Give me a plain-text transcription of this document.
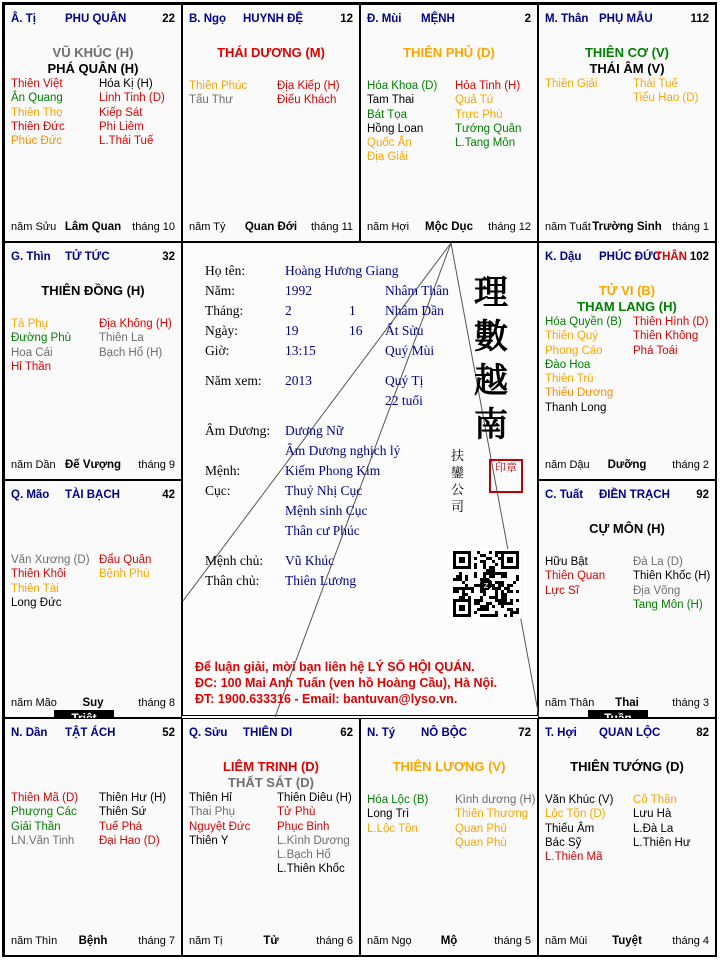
Â. Tị	PHU QUÂN	22
VŨ KHÚC (H)
PHÁ QUÂN (H)
Thiên Việt
Ân Quang
Thiên Thọ
Thiên Đức
Phúc Đức
Hóa Kị (H)
Linh Tinh (D)
Kiếp Sát
Phi Liêm
L.Thái Tuế
năm Sửu Lâm Quan tháng 10
B. Ngọ HUYNH ĐỆ	12
THÁI DƯƠNG (M)
Thiên Phúc
Tấu Thư
Địa Kiếp (H)
Điếu Khách
năm Tý Quan Đới tháng 11
Đ. Mùi MỆNH	2
THIÊN PHỦ (D)
Hóa Khoa (D)
Tam Thai
Bát Tọa
Hồng Loan
Quốc Ấn
Địa Giải
Hỏa Tinh (H)
Quả Tú
Trực Phù
Tướng Quân
L.Tang Môn
năm Hợi Mộc Dục tháng 12
M. Thân PHỤ MẪU	112
THIÊN CƠ (V)
THÁI ÂM (V)
Thiên Giải	Thái Tuế
Tiểu Hao (D)
năm Tuất Trường Sinh tháng 1
G. Thìn TỬ TỨC	32
THIÊN ĐỒNG (H)
Tả Phụ
Đường Phù
Hoa Cái
Hỉ Thần
Địa Không (H)
Thiên La
Bạch Hổ (H)
năm Dần Đế Vượng tháng 9
K. Dậu PHÚC ĐỨC
THÂN 102
TỬ VI (B)
THAM LANG (H)
Hóa Quyền (B)
Thiên Quý
Phong Cáo
Đào Hoa
Thiên Trù
Thiếu Dương
Thanh Long
Thiên Hình (D)
Thiên Không
Phá Toái
năm Dậu Dưỡng tháng 2
Q. Mão TÀI BẠCH	42
Văn Xương (D)
Thiên Khôi
Thiên Tài
Long Đức
Đẩu Quân
Bệnh Phù
năm Mão Suy	tháng 8
C. Tuất ĐIỀN TRẠCH 92
CỰ MÔN (H)
Hữu Bật
Thiên Quan
Lực Sĩ
Đà La (D)
Thiên Khốc (H)
Địa Võng
Tang Môn (H)
năm Thân Thai	tháng 3
N. Dần TẬT ÁCH	52
Thiên Mã (D)
Phượng Các
Giải Thần
LN.Văn Tinh
Thiên Hư (H)
Thiên Sứ
Tuế Phá
Đại Hao (D)
năm Thìn Bệnh	tháng 7
Q. Sửu THIÊN DI	62
LIÊM TRINH (D)
THẤT SÁT (D)
Thiên Hỉ
Thai Phụ
Nguyệt Đức
Thiên Y
Thiên Diêu (H)
Tử Phù
Phục Binh
L.Kình Dương
L.Bạch Hổ
L.Thiên Khốc
năm Tị	Tử	tháng 6
N. Tý NÔ BỘC	72
THIÊN LƯƠNG (V)
Hóa Lộc (B)
Long Trì
L.Lộc Tồn
Kình dương (H)
Thiên Thương
Quan Phủ
Quan Phù
năm Ngọ	Mộ	tháng 5
T. Hợi QUAN LỘC	82
THIÊN TƯỚNG (D)
Văn Khúc (V)
Lộc Tồn (D)
Thiếu Âm
Bác Sỹ
L.Thiên Mã
Cô Thần
Lưu Hà
L.Đà La
L.Thiên Hư
năm Mùi Tuyệt	tháng 4
Họ tên:	Hoàng Hương Giang
Năm:	1992	Nhâm Thân
Tháng:	2	1 Nhâm Dần
Ngày:	19	16 Ất Sửu
Giờ:	13:15	Quý Mùi
Năm xem: 2013	Quý Tị
22 tuổi
Âm Dương: Dương Nữ
Âm Dương nghịch lý
Mệnh:	Kiếm Phong Kim
Cục:	Thuỷ Nhị Cục
Mệnh sinh Cục
Thân cư Phúc
Mệnh chủ: Vũ Khúc
Thân chủ: Thiên Lương
理
數
越
南
扶鑾公司
印章
z
Để luận giải, mời bạn liên hệ LÝ SỐ HỘI QUÁN.
ĐC: 100 Mai Anh Tuấn (ven hồ Hoàng Cầu), Hà Nội.
ĐT: 1900.633316 - Email: bantuvan@lyso.vn.
